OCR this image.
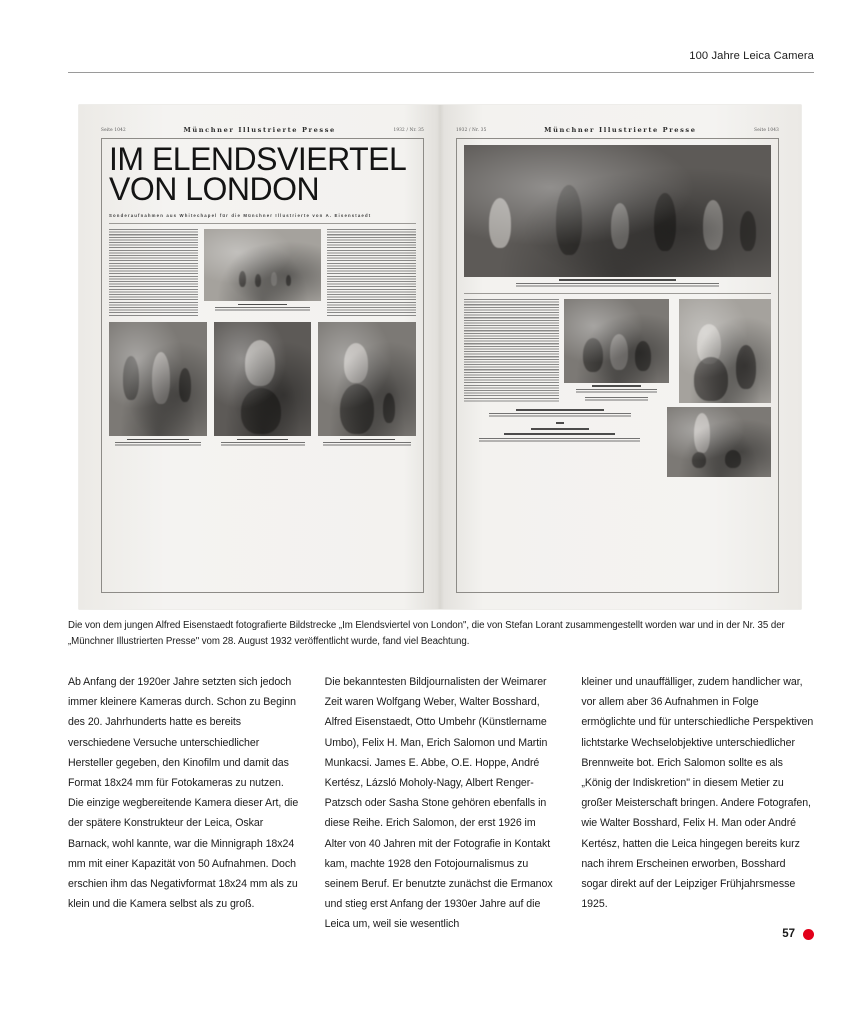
100 Jahre Leica Camera
Seite 1042	Münchner Illustrierte Presse	1932 / Nr. 35
IM ELENDSVIERTEL
VON LONDON
Sonderaufnahmen aus Whitechapel für die Münchner Illustrierte von A. Eisenstaedt
1932 / Nr. 35	Münchner Illustrierte Presse	Seite 1043
Die von dem jungen Alfred Eisenstaedt fotografierte Bildstrecke „Im Elendsviertel von London", die von Stefan Lorant zusammengestellt worden war und in der Nr. 35 der „Münchner Illustrierten Presse" vom 28. August 1932 veröffentlicht wurde, fand viel Beachtung.
Ab Anfang der 1920er Jahre setzten sich jedoch immer kleinere Kameras durch. Schon zu Beginn des 20. Jahrhunderts hatte es bereits verschiedene Versuche unterschiedlicher Hersteller gegeben, den Kinofilm und damit das Format 18x24 mm für Fotokameras zu nutzen. Die einzige wegbereitende Kamera dieser Art, die der spätere Konstrukteur der Leica, Oskar Barnack, wohl kannte, war die Minnigraph 18x24 mm mit einer Kapazität von 50 Aufnahmen. Doch erschien ihm das Negativformat 18x24 mm als zu klein und die Kamera selbst als zu groß.
Die bekanntesten Bildjournalisten der Weimarer Zeit waren Wolfgang Weber, Walter Bosshard, Alfred Eisenstaedt, Otto Umbehr (Künstlername Umbo), Felix H. Man, Erich Salomon und Martin Munkacsi. James E. Abbe, O.E. Hoppe, André Kertész, Lázsló Moholy-Nagy, Albert Renger-Patzsch oder Sasha Stone gehören ebenfalls in diese Reihe. Erich Salomon, der erst 1926 im Alter von 40 Jahren mit der Fotografie in Kontakt kam, machte 1928 den Fotojournalismus zu seinem Beruf. Er benutzte zunächst die Ermanox und stieg erst Anfang der 1930er Jahre auf die Leica um, weil sie wesentlich
kleiner und unauffälliger, zudem handlicher war, vor allem aber 36 Aufnahmen in Folge ermöglichte und für unterschiedliche Perspektiven lichtstarke Wechselobjektive unterschiedlicher Brennweite bot. Erich Salomon sollte es als „König der Indiskretion" in diesem Metier zu großer Meisterschaft bringen. Andere Fotografen, wie Walter Bosshard, Felix H. Man oder André Kertész, hatten die Leica hingegen bereits kurz nach ihrem Erscheinen erworben, Bosshard sogar direkt auf der Leipziger Frühjahrsmesse 1925.
57
